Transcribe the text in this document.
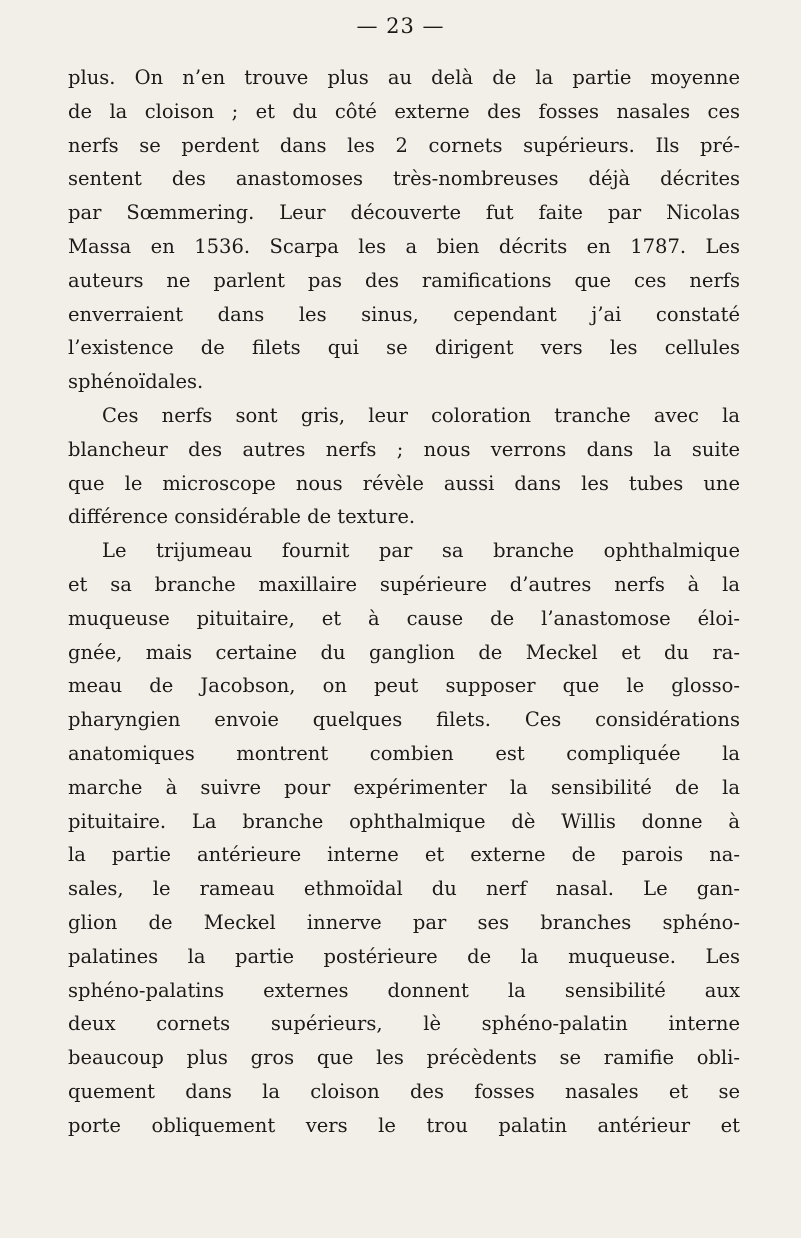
— 23 —
plus. On n’en trouve plus au delà de la partie moyenne
de la cloison ; et du côté externe des fosses nasales ces
nerfs se perdent dans les 2 cornets supérieurs. Ils pré-
sentent des anastomoses très-nombreuses déjà décrites
par Sœmmering. Leur découverte fut faite par Nicolas
Massa en 1536. Scarpa les a bien décrits en 1787. Les
auteurs ne parlent pas des ramifications que ces nerfs
enverraient dans les sinus, cependant j’ai constaté
l’existence de filets qui se dirigent vers les cellules
sphénoïdales.
Ces nerfs sont gris, leur coloration tranche avec la
blancheur des autres nerfs ; nous verrons dans la suite
que le microscope nous révèle aussi dans les tubes une
différence considérable de texture.
Le trijumeau fournit par sa branche ophthalmique
et sa branche maxillaire supérieure d’autres nerfs à la
muqueuse pituitaire, et à cause de l’anastomose éloi-
gnée, mais certaine du ganglion de Meckel et du ra-
meau de Jacobson, on peut supposer que le glosso-
pharyngien envoie quelques filets. Ces considérations
anatomiques montrent combien est compliquée la
marche à suivre pour expérimenter la sensibilité de la
pituitaire. La branche ophthalmique dè Willis donne à
la partie antérieure interne et externe de parois na-
sales, le rameau ethmoïdal du nerf nasal. Le gan-
glion de Meckel innerve par ses branches sphéno-
palatines la partie postérieure de la muqueuse. Les
sphéno-palatins externes donnent la sensibilité aux
deux cornets supérieurs, lè sphéno-palatin interne
beaucoup plus gros que les précèdents se ramifie obli-
quement dans la cloison des fosses nasales et se
porte obliquement vers le trou palatin antérieur et
